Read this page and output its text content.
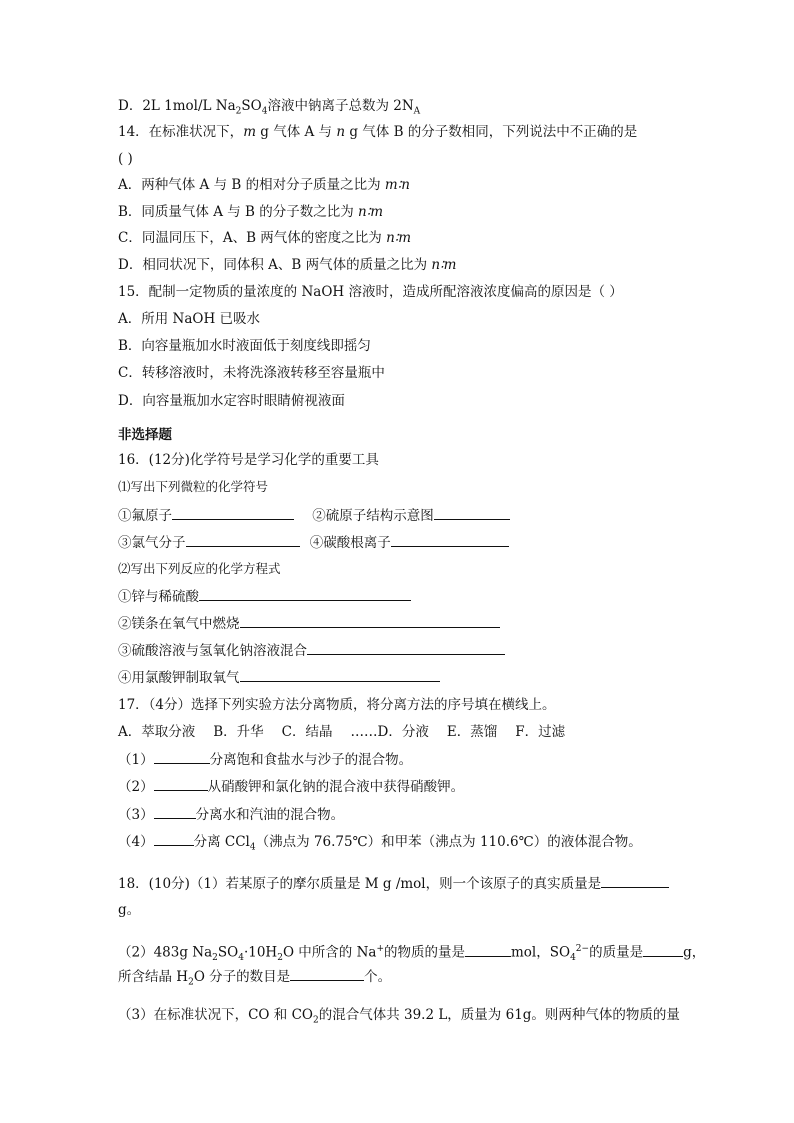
D．2L 1mol/L $Na_2SO_4$溶液中钠离子总数为 $2N_A$
14．在标准状况下，m g 气体 A 与 n g 气体 B 的分子数相同，下列说法中不正确的是
( )
A．两种气体 A 与 B 的相对分子质量之比为 m∶n
B．同质量气体 A 与 B 的分子数之比为 n∶m
C．同温同压下，A、B 两气体的密度之比为 n∶m
D．相同状况下，同体积 A、B 两气体的质量之比为 n∶m
15．配制一定物质的量浓度的 NaOH 溶液时，造成所配溶液浓度偏高的原因是（ ）
A．所用 NaOH 已吸水
B．向容量瓶加水时液面低于刻度线即摇匀
C．转移溶液时，未将洗涤液转移至容量瓶中
D．向容量瓶加水定容时眼睛俯视液面
非选择题
16．(12分)化学符号是学习化学的重要工具
⑴写出下列微粒的化学符号
①氟原子	②硫原子结构示意图
③氯气分子	④碳酸根离子
⑵写出下列反应的化学方程式
①锌与稀硫酸
②镁条在氧气中燃烧
③硫酸溶液与氢氧化钠溶液混合
④用氯酸钾制取氧气
17．（4分）选择下列实验方法分离物质，将分离方法的序号填在横线上。
A．萃取分液 B．升华 C．结晶 ……D．分液 E．蒸馏 F．过滤
（1）	分离饱和食盐水与沙子的混合物。
（2）	从硝酸钾和氯化钠的混合液中获得硝酸钾。
（3）	分离水和汽油的混合物。
（4）	分离 CCl$_4$（沸点为 76.75℃）和甲苯（沸点为 110.6℃）的液体混合物。
18．(10分)（1）若某原子的摩尔质量是 M g /mol，则一个该原子的真实质量是
g。
（2）483g $Na_2SO_4\cdot 10H_2O$ 中所含的 Na+的物质的量是	mol，$SO_4^{2-}$的质量是	g，
所含结晶 $H_2O$ 分子的数目是	个。
（3）在标准状况下，CO 和 $CO_2$的混合气体共 39.2 L，质量为 61g。则两种气体的物质的量
